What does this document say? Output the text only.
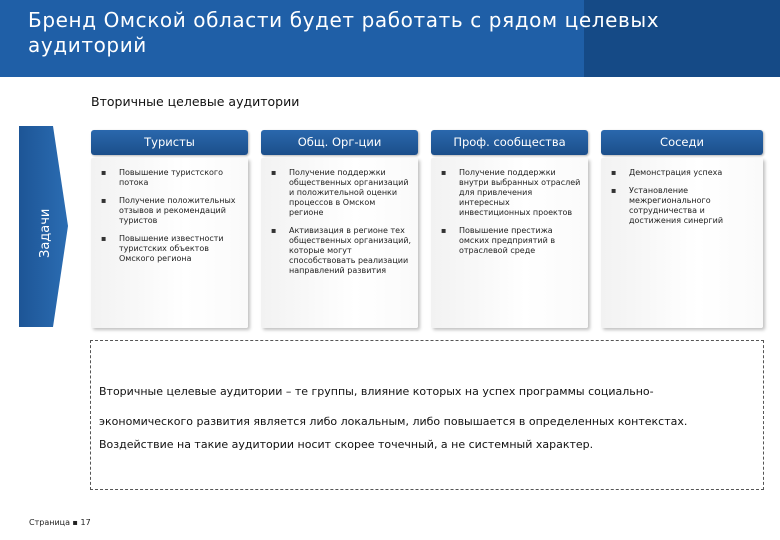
Бренд Омской области будет работать с рядом целевых аудиторий
Вторичные целевые аудитории
Задачи
Туристы
▪ Повышение туристского потока
▪ Получение положительных отзывов и рекомендаций туристов
▪ Повышение известности туристских объектов Омского региона
Общ. Орг-ции
▪ Получение поддержки общественных организаций и положительной оценки процессов в Омском регионе
▪ Активизация в регионе тех общественных организаций, которые могут способствовать реализации направлений развития
Проф. сообщества
▪ Получение поддержки внутри выбранных отраслей для привлечения интересных инвестиционных проектов
▪ Повышение престижа омских предприятий в отраслевой среде
Соседи
▪ Демонстрация успеха
▪ Установление межрегионального сотрудничества и достижения синергий

Вторичные целевые аудитории – те группы, влияние которых на успех программы социально-

экономического развития является либо локальным, либо повышается в определенных контекстах.

Воздействие на такие аудитории носит скорее точечный, а не системный характер.

Страница ▪ 17
